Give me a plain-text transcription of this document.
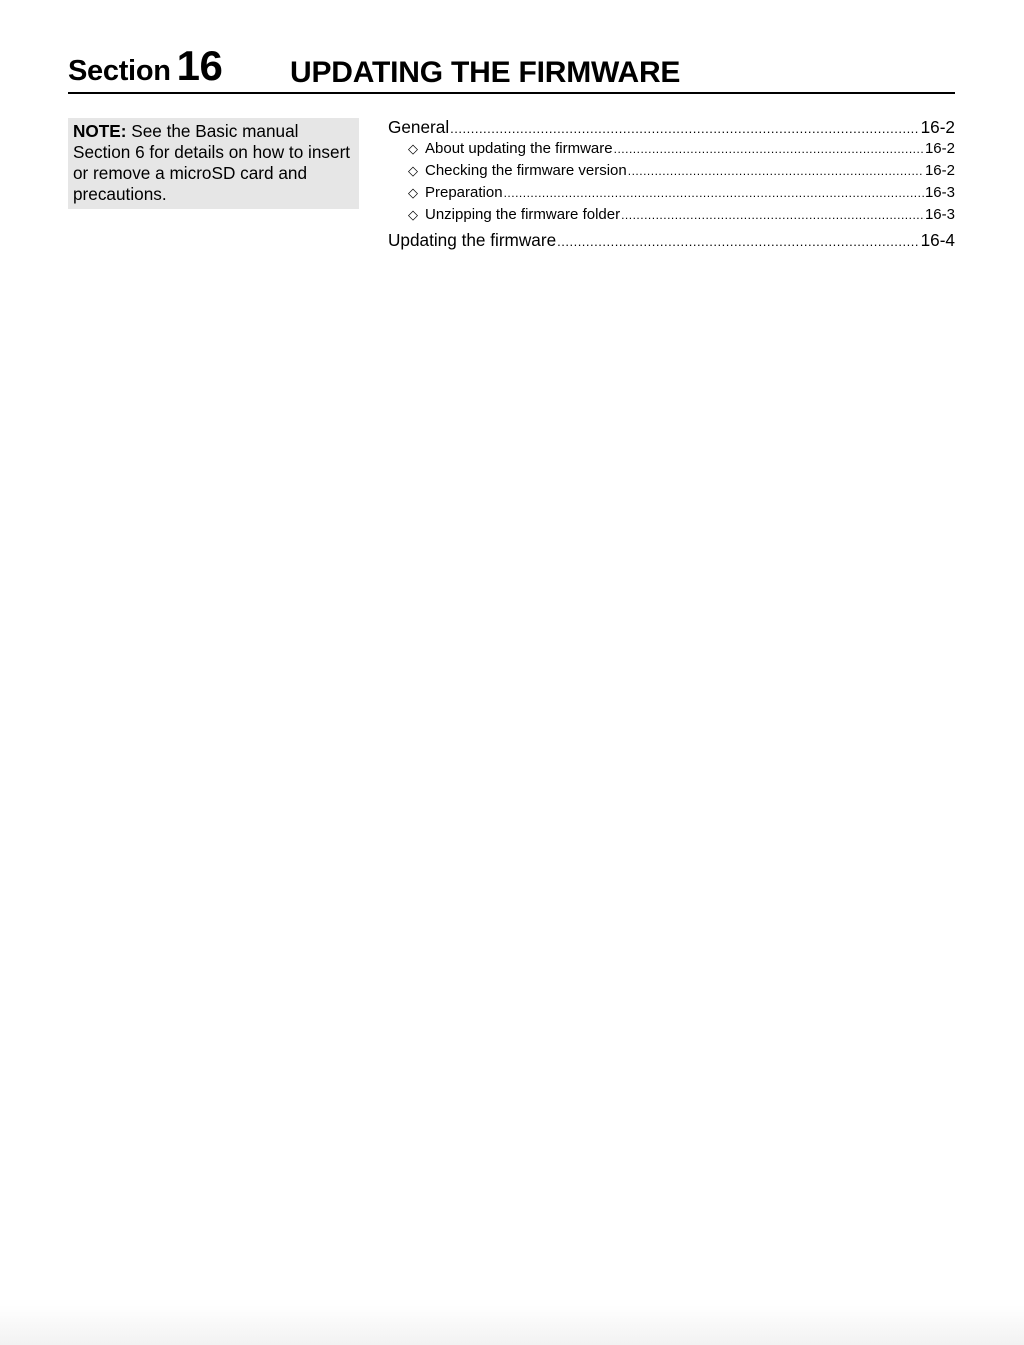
Section 16 UPDATING THE FIRMWARE
NOTE: See the Basic manual Section 6 for details on how to insert or remove a microSD card and precautions.
General .....	16-2
◇ About updating the firmware .....	16-2
◇ Checking the firmware version .....	16-2
◇ Preparation .....	16-3
◇ Unzipping the firmware folder .....	16-3
Updating the firmware .....	16-4
